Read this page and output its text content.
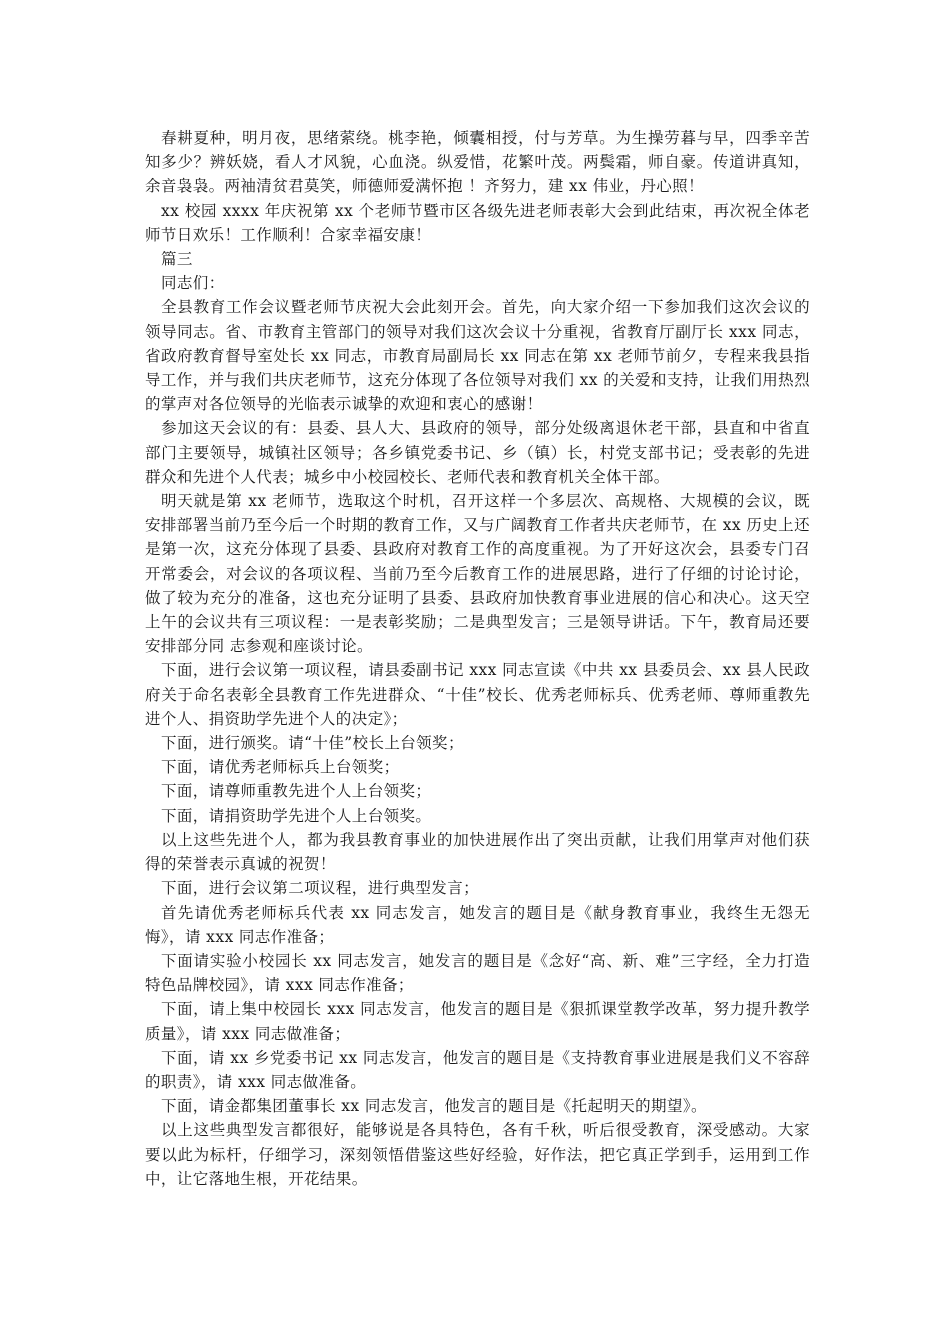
春耕夏种，明月夜，思绪萦绕。桃李艳，倾囊相授，付与芳草。为生操劳暮与早，四季辛苦知多少？辨妖娆，看人才风貌，心血浇。纵爱惜，花繁叶茂。两鬓霜，师自豪。传道讲真知，余音袅袅。两袖清贫君莫笑，师德师爱满怀抱 ！齐努力，建 xx 伟业，丹心照！

xx 校园 xxxx 年庆祝第 xx 个老师节暨市区各级先进老师表彰大会到此结束，再次祝全体老师节日欢乐！工作顺利！合家幸福安康！

篇三

同志们：

全县教育工作会议暨老师节庆祝大会此刻开会。首先，向大家介绍一下参加我们这次会议的领导同志。省、市教育主管部门的领导对我们这次会议十分重视，省教育厅副厅长 xxx 同志，省政府教育督导室处长 xx 同志，市教育局副局长 xx 同志在第 xx 老师节前夕，专程来我县指导工作，并与我们共庆老师节，这充分体现了各位领导对我们 xx 的关爱和支持，让我们用热烈的掌声对各位领导的光临表示诚挚的欢迎和衷心的感谢！

参加这天会议的有：县委、县人大、县政府的领导，部分处级离退休老干部，县直和中省直部门主要领导，城镇社区领导；各乡镇党委书记、乡（镇）长，村党支部书记；受表彰的先进群众和先进个人代表；城乡中小校园校长、老师代表和教育机关全体干部。

明天就是第 xx 老师节，选取这个时机，召开这样一个多层次、高规格、大规模的会议，既安排部署当前乃至今后一个时期的教育工作，又与广阔教育工作者共庆老师节，在 xx 历史上还是第一次，这充分体现了县委、县政府对教育工作的高度重视。为了开好这次会，县委专门召开常委会，对会议的各项议程、当前乃至今后教育工作的进展思路，进行了仔细的讨论讨论，做了较为充分的准备，这也充分证明了县委、县政府加快教育事业进展的信心和决心。这天空上午的会议共有三项议程：一是表彰奖励；二是典型发言；三是领导讲话。下午，教育局还要安排部分同 志参观和座谈讨论。

下面，进行会议第一项议程，请县委副书记 xxx 同志宣读《中共 xx 县委员会、xx 县人民政府关于命名表彰全县教育工作先进群众、“十佳”校长、优秀老师标兵、优秀老师、尊师重教先进个人、捐资助学先进个人的决定》；

下面，进行颁奖。请“十佳”校长上台领奖；

下面，请优秀老师标兵上台领奖；

下面，请尊师重教先进个人上台领奖；

下面，请捐资助学先进个人上台领奖。

以上这些先进个人，都为我县教育事业的加快进展作出了突出贡献，让我们用掌声对他们获得的荣誉表示真诚的祝贺！

下面，进行会议第二项议程，进行典型发言；

首先请优秀老师标兵代表 xx 同志发言，她发言的题目是《献身教育事业，我终生无怨无悔》，请 xxx 同志作准备；

下面请实验小校园长 xx 同志发言，她发言的题目是《念好“高、新、难”三字经，全力打造特色品牌校园》，请 xxx 同志作准备；

下面，请上集中校园长 xxx 同志发言，他发言的题目是《狠抓课堂教学改革，努力提升教学质量》，请 xxx 同志做准备；

下面，请 xx 乡党委书记 xx 同志发言，他发言的题目是《支持教育事业进展是我们义不容辞的职责》，请 xxx 同志做准备。

下面，请金都集团董事长 xx 同志发言，他发言的题目是《托起明天的期望》。

以上这些典型发言都很好，能够说是各具特色，各有千秋，听后很受教育，深受感动。大家要以此为标杆，仔细学习，深刻领悟借鉴这些好经验，好作法，把它真正学到手，运用到工作中，让它落地生根，开花结果。
